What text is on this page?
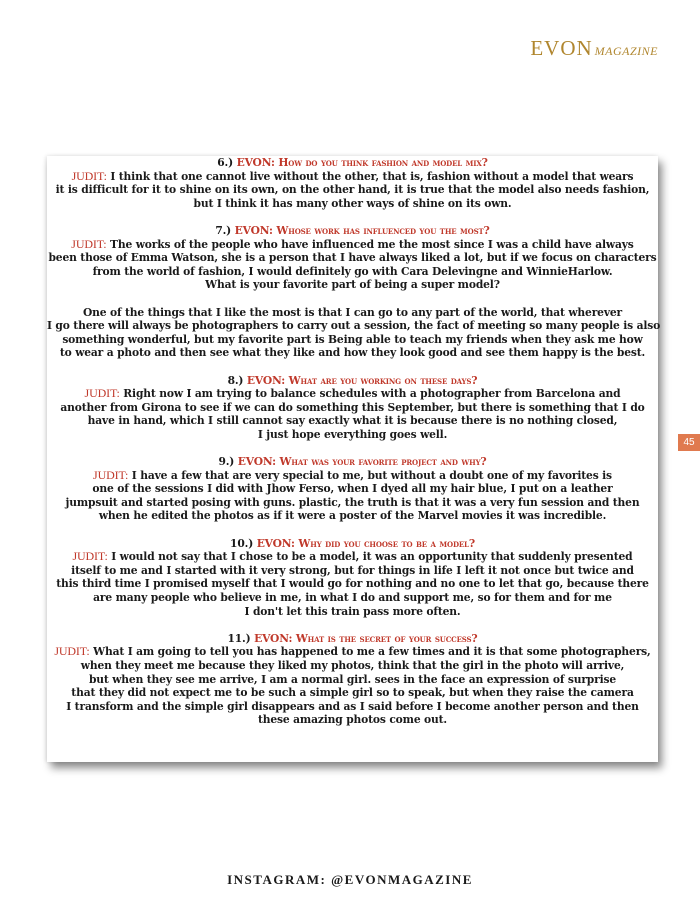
EVON MAGAZINE
6.) EVON: How do you think fashion and model mix?
JUDIT: I think that one cannot live without the other, that is, fashion without a model that wears
it is difficult for it to shine on its own, on the other hand, it is true that the model also needs fashion,
but I think it has many other ways of shine on its own.
7.) EVON: Whose work has influenced you the most?
JUDIT: The works of the people who have influenced me the most since I was a child have always
been those of Emma Watson, she is a person that I have always liked a lot, but if we focus on characters
from the world of fashion, I would definitely go with Cara Delevingne and WinnieHarlow.
What is your favorite part of being a super model?
One of the things that I like the most is that I can go to any part of the world, that wherever
I go there will always be photographers to carry out a session, the fact of meeting so many people is also
something wonderful, but my favorite part is Being able to teach my friends when they ask me how
to wear a photo and then see what they like and how they look good and see them happy is the best.
8.) EVON: What are you working on these days?
JUDIT: Right now I am trying to balance schedules with a photographer from Barcelona and
another from Girona to see if we can do something this September, but there is something that I do
have in hand, which I still cannot say exactly what it is because there is no nothing closed,
I just hope everything goes well.
9.) EVON: What was your favorite project and why?
JUDIT: I have a few that are very special to me, but without a doubt one of my favorites is
one of the sessions I did with Jhow Ferso, when I dyed all my hair blue, I put on a leather
jumpsuit and started posing with guns. plastic, the truth is that it was a very fun session and then
when he edited the photos as if it were a poster of the Marvel movies it was incredible.
10.) EVON: Why did you choose to be a model?
JUDIT: I would not say that I chose to be a model, it was an opportunity that suddenly presented
itself to me and I started with it very strong, but for things in life I left it not once but twice and
this third time I promised myself that I would go for nothing and no one to let that go, because there
are many people who believe in me, in what I do and support me, so for them and for me
I don't let this train pass more often.
11.) EVON: What is the secret of your success?
JUDIT: What I am going to tell you has happened to me a few times and it is that some photographers,
when they meet me because they liked my photos, think that the girl in the photo will arrive,
but when they see me arrive, I am a normal girl. sees in the face an expression of surprise
that they did not expect me to be such a simple girl so to speak, but when they raise the camera
I transform and the simple girl disappears and as I said before I become another person and then
these amazing photos come out.
45
INSTAGRAM: @EVONMAGAZINE
